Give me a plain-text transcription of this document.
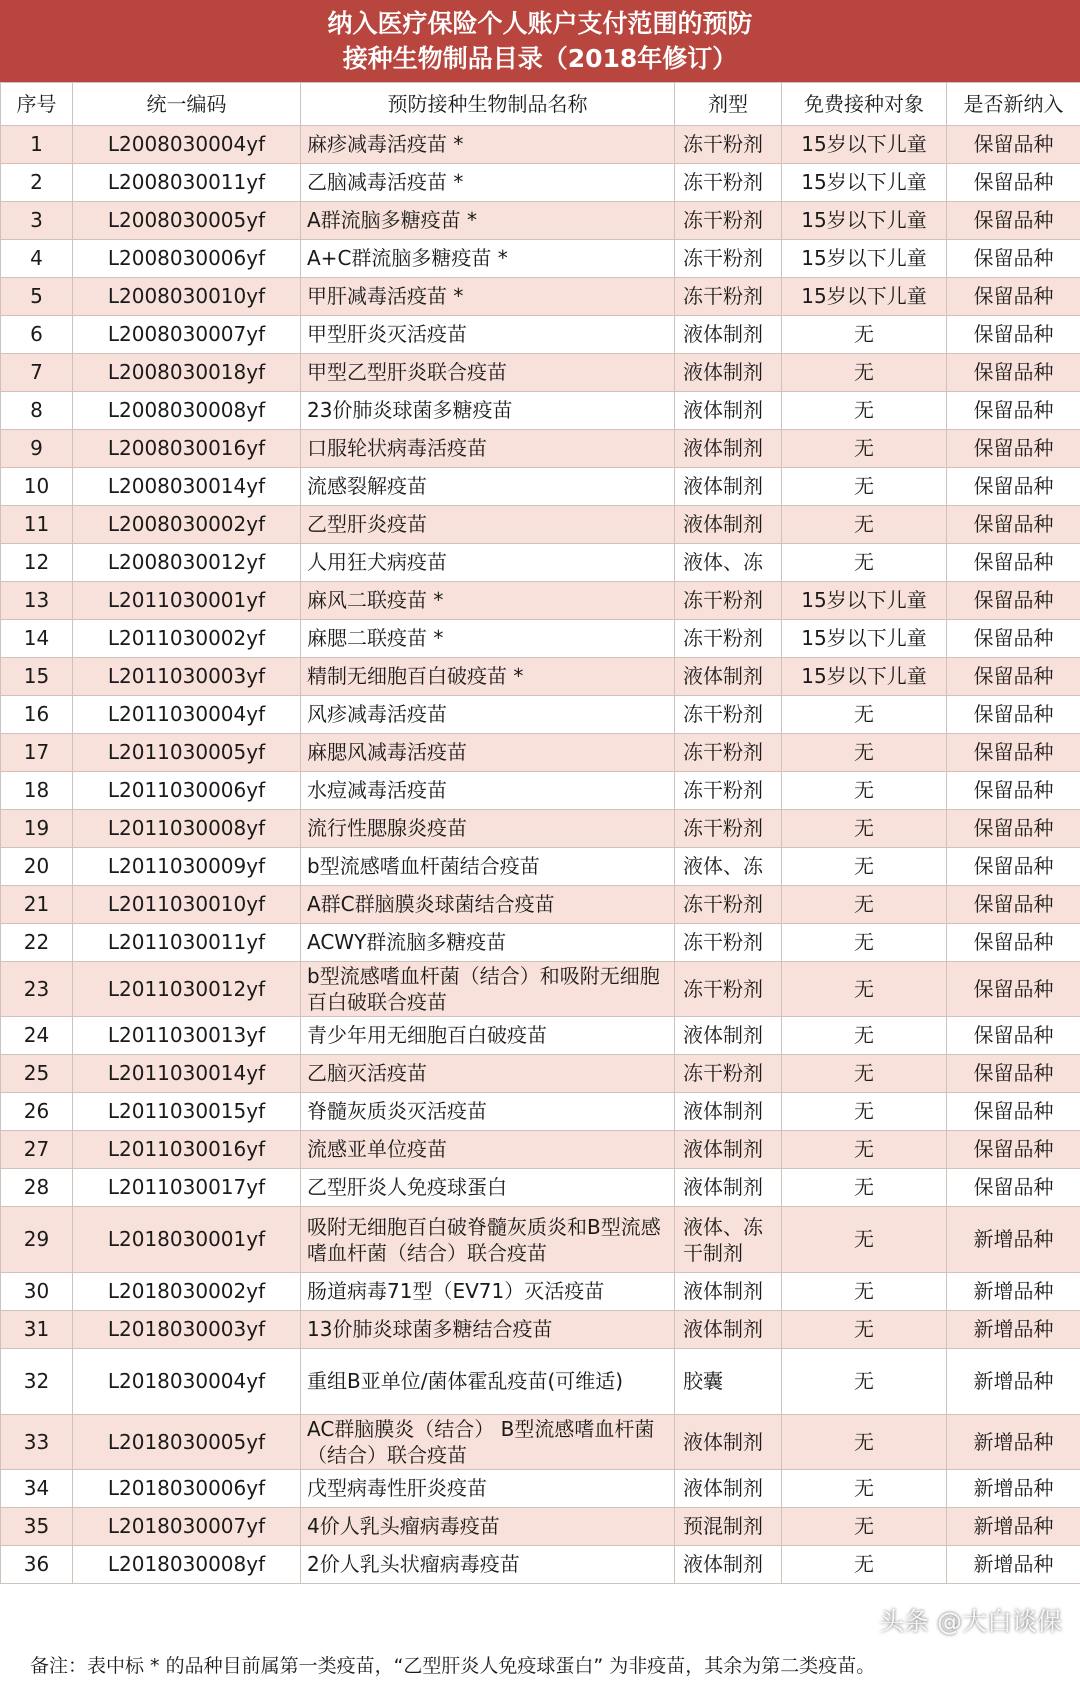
纳入医疗保险个人账户支付范围的预防
接种生物制品目录（2018年修订）
序号	统一编码	预防接种生物制品名称	剂型	免费接种对象	是否新纳入
1	L2008030004yf	麻疹减毒活疫苗 *	冻干粉剂	15岁以下儿童	保留品种
2	L2008030011yf	乙脑减毒活疫苗 *	冻干粉剂	15岁以下儿童	保留品种
3	L2008030005yf	A群流脑多糖疫苗 *	冻干粉剂	15岁以下儿童	保留品种
4	L2008030006yf	A+C群流脑多糖疫苗 *	冻干粉剂	15岁以下儿童	保留品种
5	L2008030010yf	甲肝减毒活疫苗 *	冻干粉剂	15岁以下儿童	保留品种
6	L2008030007yf	甲型肝炎灭活疫苗	液体制剂	无	保留品种
7	L2008030018yf	甲型乙型肝炎联合疫苗	液体制剂	无	保留品种
8	L2008030008yf	23价肺炎球菌多糖疫苗	液体制剂	无	保留品种
9	L2008030016yf	口服轮状病毒活疫苗	液体制剂	无	保留品种
10	L2008030014yf	流感裂解疫苗	液体制剂	无	保留品种
11	L2008030002yf	乙型肝炎疫苗	液体制剂	无	保留品种
12	L2008030012yf	人用狂犬病疫苗	液体、冻	无	保留品种
13	L2011030001yf	麻风二联疫苗 *	冻干粉剂	15岁以下儿童	保留品种
14	L2011030002yf	麻腮二联疫苗 *	冻干粉剂	15岁以下儿童	保留品种
15	L2011030003yf	精制无细胞百白破疫苗 *	液体制剂	15岁以下儿童	保留品种
16	L2011030004yf	风疹减毒活疫苗	冻干粉剂	无	保留品种
17	L2011030005yf	麻腮风减毒活疫苗	冻干粉剂	无	保留品种
18	L2011030006yf	水痘减毒活疫苗	冻干粉剂	无	保留品种
19	L2011030008yf	流行性腮腺炎疫苗	冻干粉剂	无	保留品种
20	L2011030009yf	b型流感嗜血杆菌结合疫苗	液体、冻	无	保留品种
21	L2011030010yf	A群C群脑膜炎球菌结合疫苗	冻干粉剂	无	保留品种
22	L2011030011yf	ACWY群流脑多糖疫苗	冻干粉剂	无	保留品种
23	L2011030012yf	b型流感嗜血杆菌（结合）和吸附无细胞百白破联合疫苗	冻干粉剂	无	保留品种
24	L2011030013yf	青少年用无细胞百白破疫苗	液体制剂	无	保留品种
25	L2011030014yf	乙脑灭活疫苗	冻干粉剂	无	保留品种
26	L2011030015yf	脊髓灰质炎灭活疫苗	液体制剂	无	保留品种
27	L2011030016yf	流感亚单位疫苗	液体制剂	无	保留品种
28	L2011030017yf	乙型肝炎人免疫球蛋白	液体制剂	无	保留品种
29	L2018030001yf	吸附无细胞百白破脊髓灰质炎和B型流感嗜血杆菌（结合）联合疫苗	液体、冻干制剂	无	新增品种
30	L2018030002yf	肠道病毒71型（EV71）灭活疫苗	液体制剂	无	新增品种
31	L2018030003yf	13价肺炎球菌多糖结合疫苗	液体制剂	无	新增品种
32	L2018030004yf	重组B亚单位/菌体霍乱疫苗(可维适)	胶囊	无	新增品种
33	L2018030005yf	AC群脑膜炎（结合） B型流感嗜血杆菌（结合）联合疫苗	液体制剂	无	新增品种
34	L2018030006yf	戊型病毒性肝炎疫苗	液体制剂	无	新增品种
35	L2018030007yf	4价人乳头瘤病毒疫苗	预混制剂	无	新增品种
36	L2018030008yf	2价人乳头状瘤病毒疫苗	液体制剂	无	新增品种
头条 @大白谈保
备注：表中标 * 的品种目前属第一类疫苗，“乙型肝炎人免疫球蛋白” 为非疫苗，其余为第二类疫苗。
